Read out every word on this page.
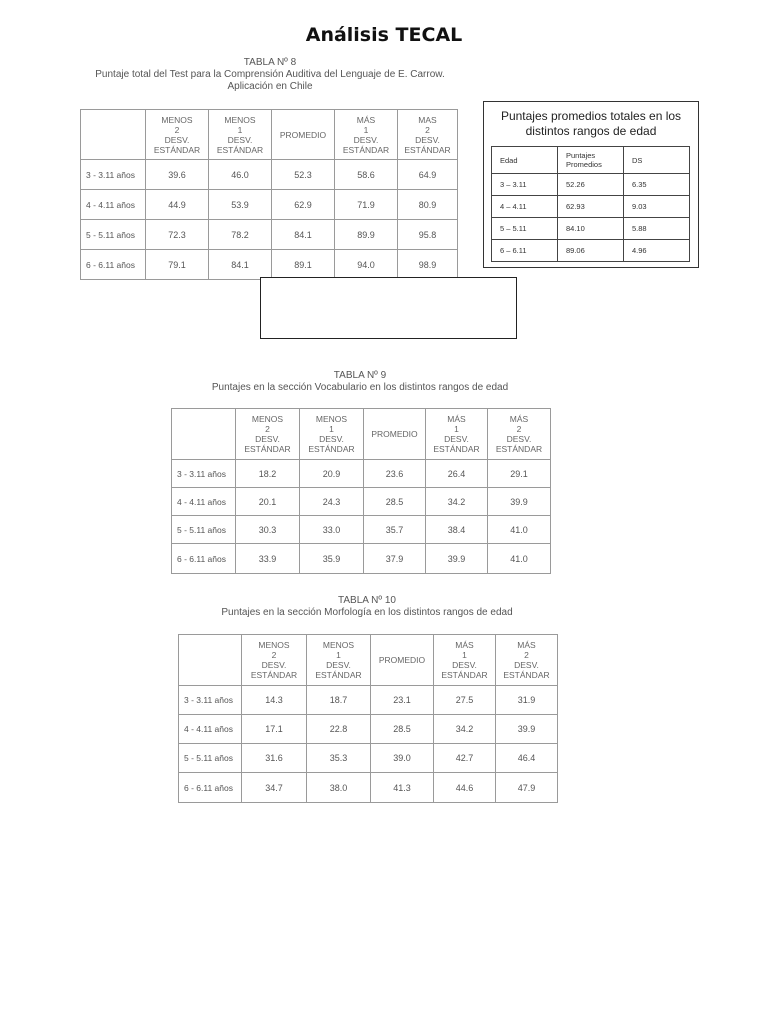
Análisis TECAL
TABLA Nº 8
Puntaje total del Test para la Comprensión Auditiva del Lenguaje de E. Carrow.
Aplicación en Chile
	MENOS
2
DESV.
ESTÁNDAR	MENOS
1
DESV.
ESTÁNDAR	PROMEDIO	MÁS
1
DESV.
ESTÁNDAR	MAS
2
DESV.
ESTÁNDAR
3 - 3.11 años	39.6	46.0	52.3	58.6	64.9
4 - 4.11 años	44.9	53.9	62.9	71.9	80.9
5 - 5.11 años	72.3	78.2	84.1	89.9	95.8
6 - 6.11 años	79.1	84.1	89.1	94.0	98.9
Puntajes promedios totales en los distintos rangos de edad
Edad	Puntajes
Promedios	DS
3 – 3.11	52.26	6.35
4 – 4.11	62.93	9.03
5 – 5.11	84.10	5.88
6 – 6.11	89.06	4.96
TABLA Nº 9
Puntajes en la sección Vocabulario en los distintos rangos de edad
	MENOS
2
DESV.
ESTÁNDAR	MENOS
1
DESV.
ESTÁNDAR	PROMEDIO	MÁS
1
DESV.
ESTÁNDAR	MÁS
2
DESV.
ESTÁNDAR
3 - 3.11 años	18.2	20.9	23.6	26.4	29.1
4 - 4.11 años	20.1	24.3	28.5	34.2	39.9
5 - 5.11 años	30.3	33.0	35.7	38.4	41.0
6 - 6.11 años	33.9	35.9	37.9	39.9	41.0
TABLA Nº 10
Puntajes en la sección Morfología en los distintos rangos de edad
	MENOS
2
DESV.
ESTÁNDAR	MENOS
1
DESV.
ESTÁNDAR	PROMEDIO	MÁS
1
DESV.
ESTÁNDAR	MÁS
2
DESV.
ESTÁNDAR
3 - 3.11 años	14.3	18.7	23.1	27.5	31.9
4 - 4.11 años	17.1	22.8	28.5	34.2	39.9
5 - 5.11 años	31.6	35.3	39.0	42.7	46.4
6 - 6.11 años	34.7	38.0	41.3	44.6	47.9
